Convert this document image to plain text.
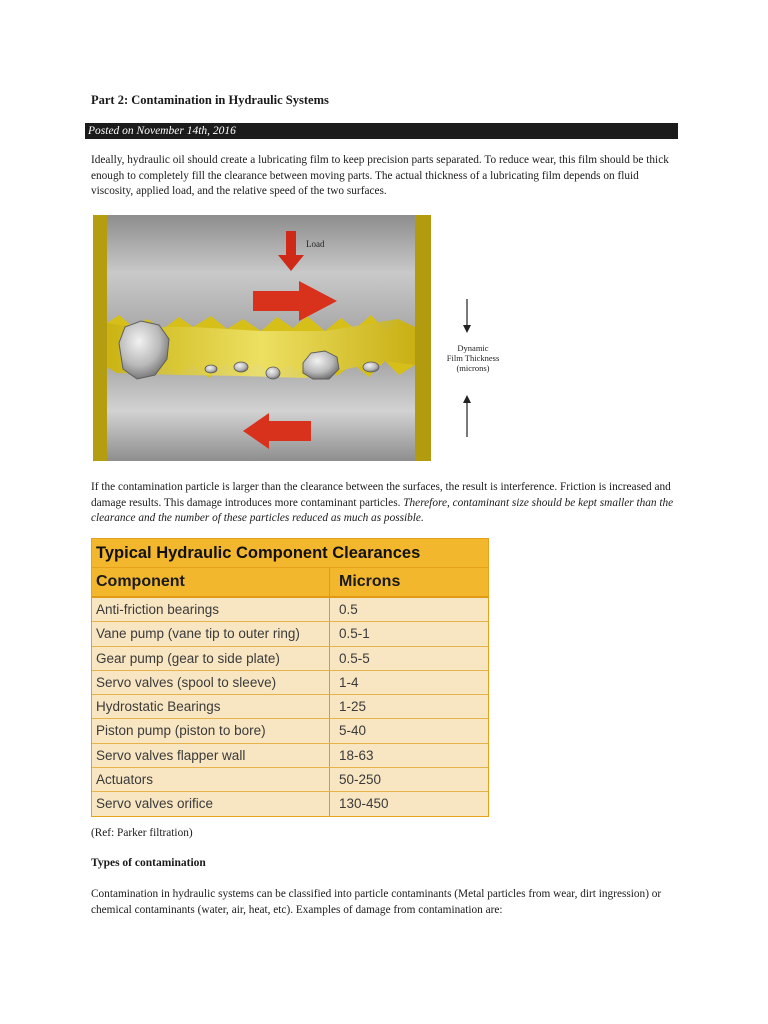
Part 2: Contamination in Hydraulic Systems
Posted on November 14th, 2016
Ideally, hydraulic oil should create a lubricating film to keep precision parts separated. To reduce wear, this film should be thick enough to completely fill the clearance between moving parts. The actual thickness of a lubricating film depends on fluid viscosity, applied load, and the relative speed of the two surfaces.
Load
Dynamic
Film Thickness
(microns)
If the contamination particle is larger than the clearance between the surfaces, the result is interference. Friction is increased and damage results. This damage introduces more contaminant particles. Therefore, contaminant size should be kept smaller than the clearance and the number of these particles reduced as much as possible.
Typical Hydraulic Component Clearances
Component	Microns
Anti-friction bearings	0.5
Vane pump (vane tip to outer ring)	0.5-1
Gear pump (gear to side plate)	0.5-5
Servo valves (spool to sleeve)	1-4
Hydrostatic Bearings	1-25
Piston pump (piston to bore)	5-40
Servo valves flapper wall	18-63
Actuators	50-250
Servo valves orifice	130-450
(Ref: Parker filtration)
Types of contamination
Contamination in hydraulic systems can be classified into particle contaminants (Metal particles from wear, dirt ingression) or chemical contaminants (water, air, heat, etc). Examples of damage from contamination are:
